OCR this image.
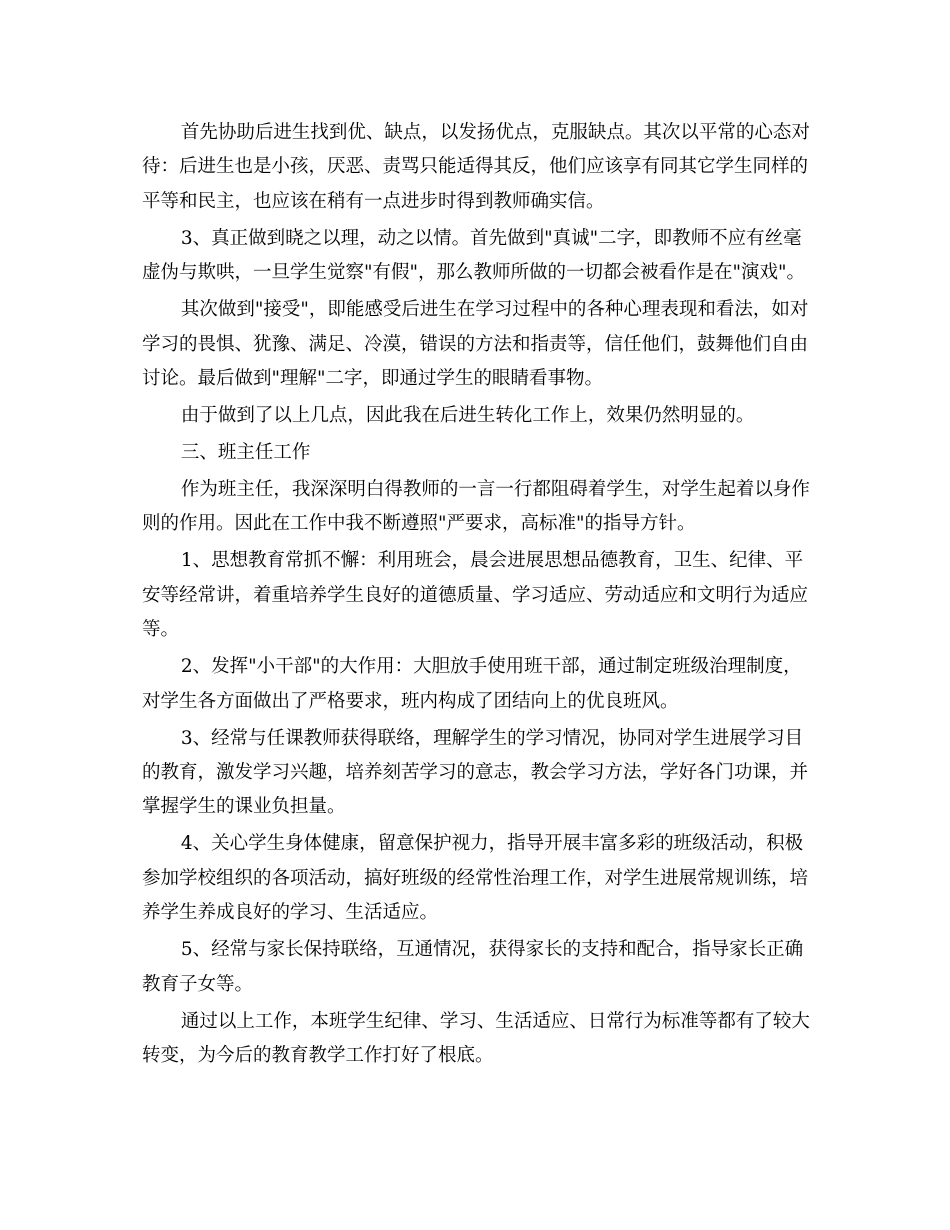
首先协助后进生找到优、缺点，以发扬优点，克服缺点。其次以平常的心态对待：后进生也是小孩，厌恶、责骂只能适得其反，他们应该享有同其它学生同样的平等和民主，也应该在稍有一点进步时得到教师确实信。

3、真正做到晓之以理，动之以情。首先做到"真诚"二字，即教师不应有丝毫虚伪与欺哄，一旦学生觉察"有假"，那么教师所做的一切都会被看作是在"演戏"。

其次做到"接受"，即能感受后进生在学习过程中的各种心理表现和看法，如对学习的畏惧、犹豫、满足、冷漠，错误的方法和指责等，信任他们，鼓舞他们自由讨论。最后做到"理解"二字，即通过学生的眼睛看事物。

由于做到了以上几点，因此我在后进生转化工作上，效果仍然明显的。

三、班主任工作

作为班主任，我深深明白得教师的一言一行都阻碍着学生，对学生起着以身作则的作用。因此在工作中我不断遵照"严要求，高标准"的指导方针。

1、思想教育常抓不懈：利用班会，晨会进展思想品德教育，卫生、纪律、平安等经常讲，着重培养学生良好的道德质量、学习适应、劳动适应和文明行为适应等。

2、发挥"小干部"的大作用：大胆放手使用班干部，通过制定班级治理制度，对学生各方面做出了严格要求，班内构成了团结向上的优良班风。

3、经常与任课教师获得联络，理解学生的学习情况，协同对学生进展学习目的教育，激发学习兴趣，培养刻苦学习的意志，教会学习方法，学好各门功课，并掌握学生的课业负担量。

4、关心学生身体健康，留意保护视力，指导开展丰富多彩的班级活动，积极参加学校组织的各项活动，搞好班级的经常性治理工作，对学生进展常规训练，培养学生养成良好的学习、生活适应。

5、经常与家长保持联络，互通情况，获得家长的支持和配合，指导家长正确教育子女等。

通过以上工作，本班学生纪律、学习、生活适应、日常行为标准等都有了较大转变，为今后的教育教学工作打好了根底。
